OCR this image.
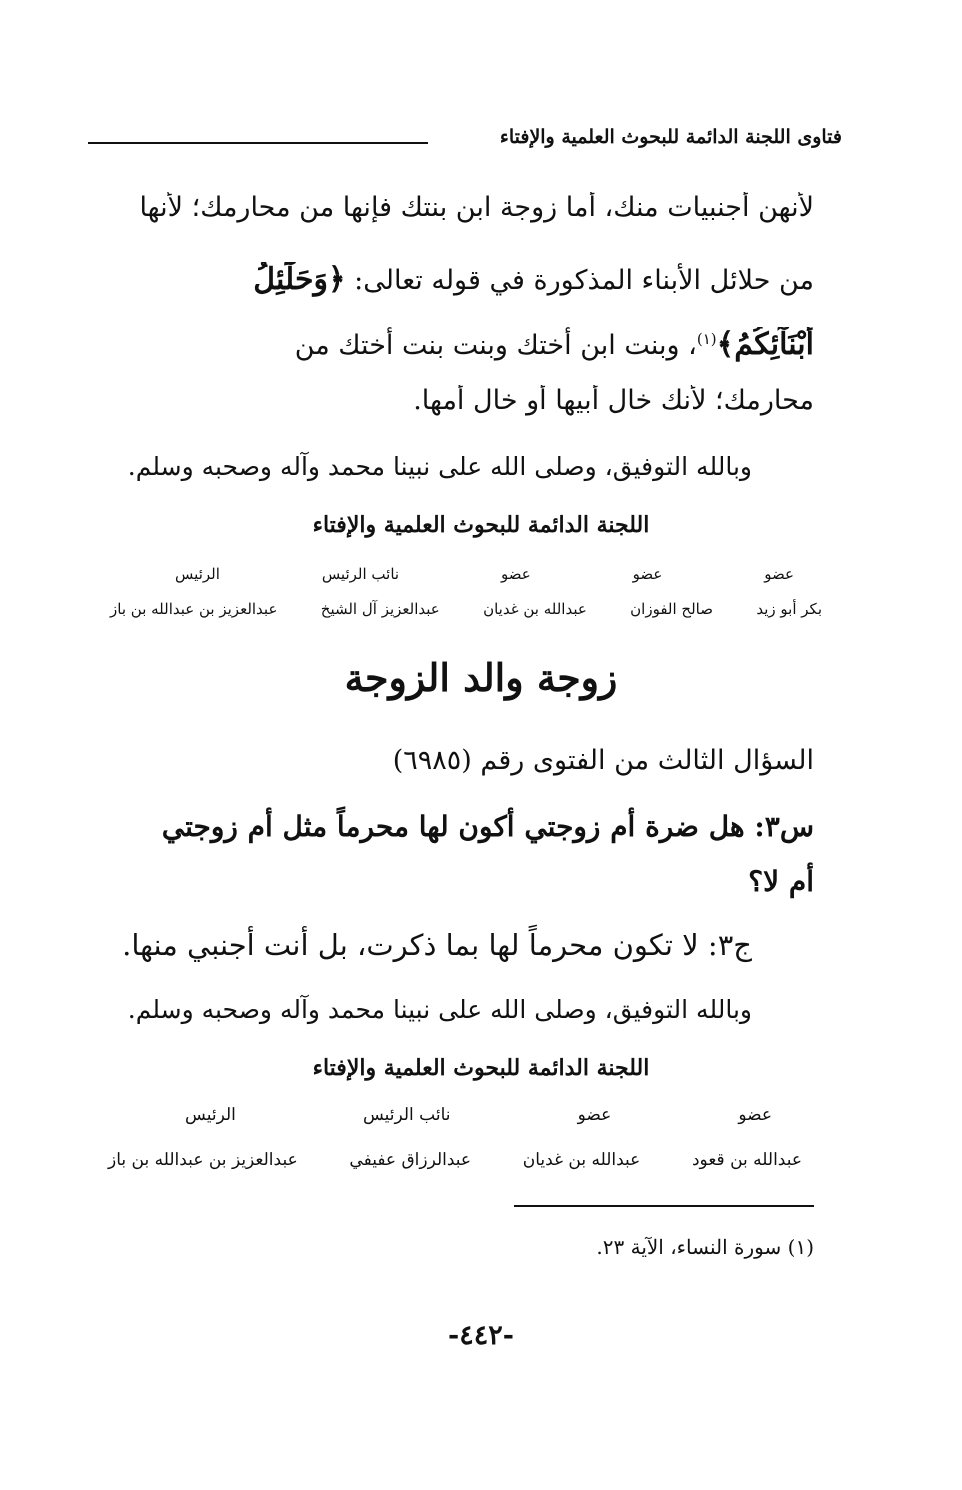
فتاوى اللجنة الدائمة للبحوث العلمية والإفتاء
لأنهن أجنبيات منك، أما زوجة ابن بنتك فإنها من محارمك؛ لأنها
من حلائل الأبناء المذكورة في قوله تعالى: ﴿وَحَلَٰٓئِلُ
أَبْنَآئِكُمُ﴾$^{(١)}$، وبنت ابن أختك وبنت بنت أختك من
محارمك؛ لأنك خال أبيها أو خال أمها.
وبالله التوفيق، وصلى الله على نبينا محمد وآله وصحبه وسلم.
اللجنة الدائمة للبحوث العلمية والإفتاء
عضو
عضو
عضو
نائب الرئيس
الرئيس
بكر أبو زيد
صالح الفوزان
عبدالله بن غديان
عبدالعزيز آل الشيخ
عبدالعزيز بن عبدالله بن باز
زوجة والد الزوجة
السؤال الثالث من الفتوى رقم (٦٩٨٥)
س٣: هل ضرة أم زوجتي أكون لها محرماً مثل أم زوجتي
أم لا؟
ج٣: لا تكون محرماً لها بما ذكرت، بل أنت أجنبي منها.
وبالله التوفيق، وصلى الله على نبينا محمد وآله وصحبه وسلم.
اللجنة الدائمة للبحوث العلمية والإفتاء
عضو
عضو
نائب الرئيس
الرئيس
عبدالله بن قعود
عبدالله بن غديان
عبدالرزاق عفيفي
عبدالعزيز بن عبدالله بن باز
(١) سورة النساء، الآية ٢٣.
-٤٤٢-
